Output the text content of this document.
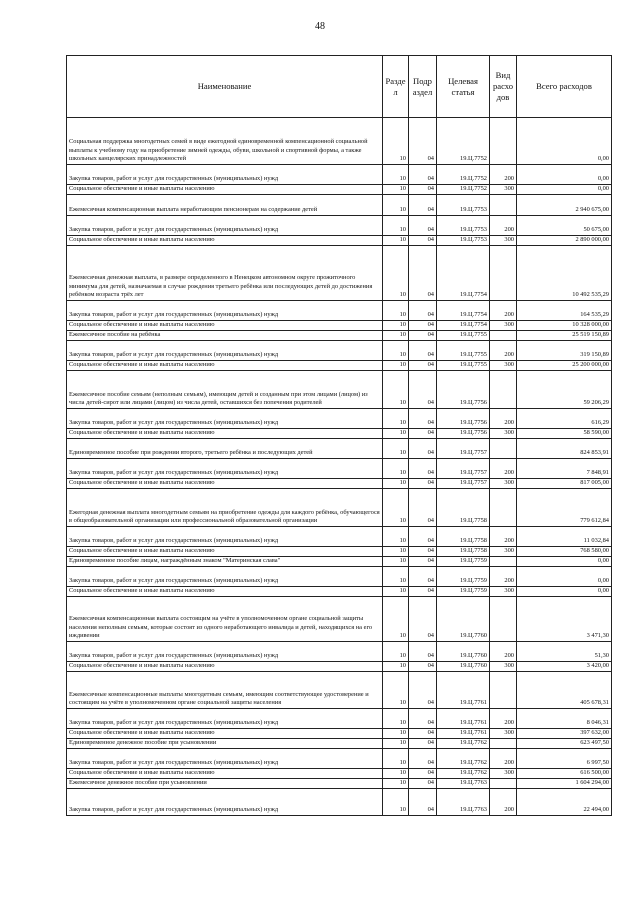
48
Наименование	Разде л	Подр аздел	Целевая статья	Вид расхо дов	Всего расходов
Социальная поддержка многодетных семей в виде ежегодной единовременной компенсационной социальной выплаты к учебному году на приобретение зимней одежды, обуви, школьной и спортивной формы, а также школьных канцелярских принадлежностей	10	04	19.Ц.7752		0,00
Закупка товаров, работ и услуг для государственных (муниципальных) нужд	10	04	19.Ц.7752	200	0,00
Социальное обеспечение и иные выплаты населению	10	04	19.Ц.7752	300	0,00
Ежемесячная компенсационная выплата неработающим пенсионерам на содержание детей	10	04	19.Ц.7753		2 940 675,00
Закупка товаров, работ и услуг для государственных (муниципальных) нужд	10	04	19.Ц.7753	200	50 675,00
Социальное обеспечение и иные выплаты населению	10	04	19.Ц.7753	300	2 890 000,00
Ежемесячная денежная выплата, в размере определенного в Ненецком автономном округе прожиточного минимума для детей, назначаемая в случае рождения третьего ребёнка или последующих детей до достижения ребёнком возраста трёх лет	10	04	19.Ц.7754		10 492 535,29
Закупка товаров, работ и услуг для государственных (муниципальных) нужд	10	04	19.Ц.7754	200	164 535,29
Социальное обеспечение и иные выплаты населению	10	04	19.Ц.7754	300	10 328 000,00
Ежемесячное пособие на ребёнка	10	04	19.Ц.7755		25 519 150,89
Закупка товаров, работ и услуг для государственных (муниципальных) нужд	10	04	19.Ц.7755	200	319 150,89
Социальное обеспечение и иные выплаты населению	10	04	19.Ц.7755	300	25 200 000,00
Ежемесячное пособие семьям (неполным семьям), имеющим детей и созданным при этом лицами (лицом) из числа детей-сирот или лицами (лицом) из числа детей, оставшихся без попечения родителей	10	04	19.Ц.7756		59 206,29
Закупка товаров, работ и услуг для государственных (муниципальных) нужд	10	04	19.Ц.7756	200	616,29
Социальное обеспечение и иные выплаты населению	10	04	19.Ц.7756	300	58 590,00
Единовременное пособие при рождении второго, третьего ребёнка и последующих детей	10	04	19.Ц.7757		824 853,91
Закупка товаров, работ и услуг для государственных (муниципальных) нужд	10	04	19.Ц.7757	200	7 848,91
Социальное обеспечение и иные выплаты населению	10	04	19.Ц.7757	300	817 005,00
Ежегодная денежная выплата многодетным семьям на приобретение одежды для каждого ребёнка, обучающегося в общеобразовательной организации или профессиональной образовательной организации	10	04	19.Ц.7758		779 612,84
Закупка товаров, работ и услуг для государственных (муниципальных) нужд	10	04	19.Ц.7758	200	11 032,84
Социальное обеспечение и иные выплаты населению	10	04	19.Ц.7758	300	768 580,00
Единовременное пособие лицам, награждённым знаком "Материнская слава"	10	04	19.Ц.7759		0,00
Закупка товаров, работ и услуг для государственных (муниципальных) нужд	10	04	19.Ц.7759	200	0,00
Социальное обеспечение и иные выплаты населению	10	04	19.Ц.7759	300	0,00
Ежемесячная компенсационная выплата состоящим на учёте в уполномоченном органе социальной защиты населения неполным семьям, которые состоят из одного неработающего инвалида и детей, находящихся на его иждивении	10	04	19.Ц.7760		3 471,30
Закупка товаров, работ и услуг для государственных (муниципальных) нужд	10	04	19.Ц.7760	200	51,30
Социальное обеспечение и иные выплаты населению	10	04	19.Ц.7760	300	3 420,00
Ежемесячные компенсационные выплаты многодетным семьям, имеющим соответствующее удостоверение и состоящим на учёте в уполномоченном органе социальной защиты населения	10	04	19.Ц.7761		405 678,31
Закупка товаров, работ и услуг для государственных (муниципальных) нужд	10	04	19.Ц.7761	200	8 046,31
Социальное обеспечение и иные выплаты населению	10	04	19.Ц.7761	300	397 632,00
Единовременное денежное пособие при усыновлении	10	04	19.Ц.7762		623 497,50
Закупка товаров, работ и услуг для государственных (муниципальных) нужд	10	04	19.Ц.7762	200	6 997,50
Социальное обеспечение и иные выплаты населению	10	04	19.Ц.7762	300	616 500,00
Ежемесячное денежное пособие при усыновлении	10	04	19.Ц.7763		1 604 294,00
Закупка товаров, работ и услуг для государственных (муниципальных) нужд	10	04	19.Ц.7763	200	22 494,00
